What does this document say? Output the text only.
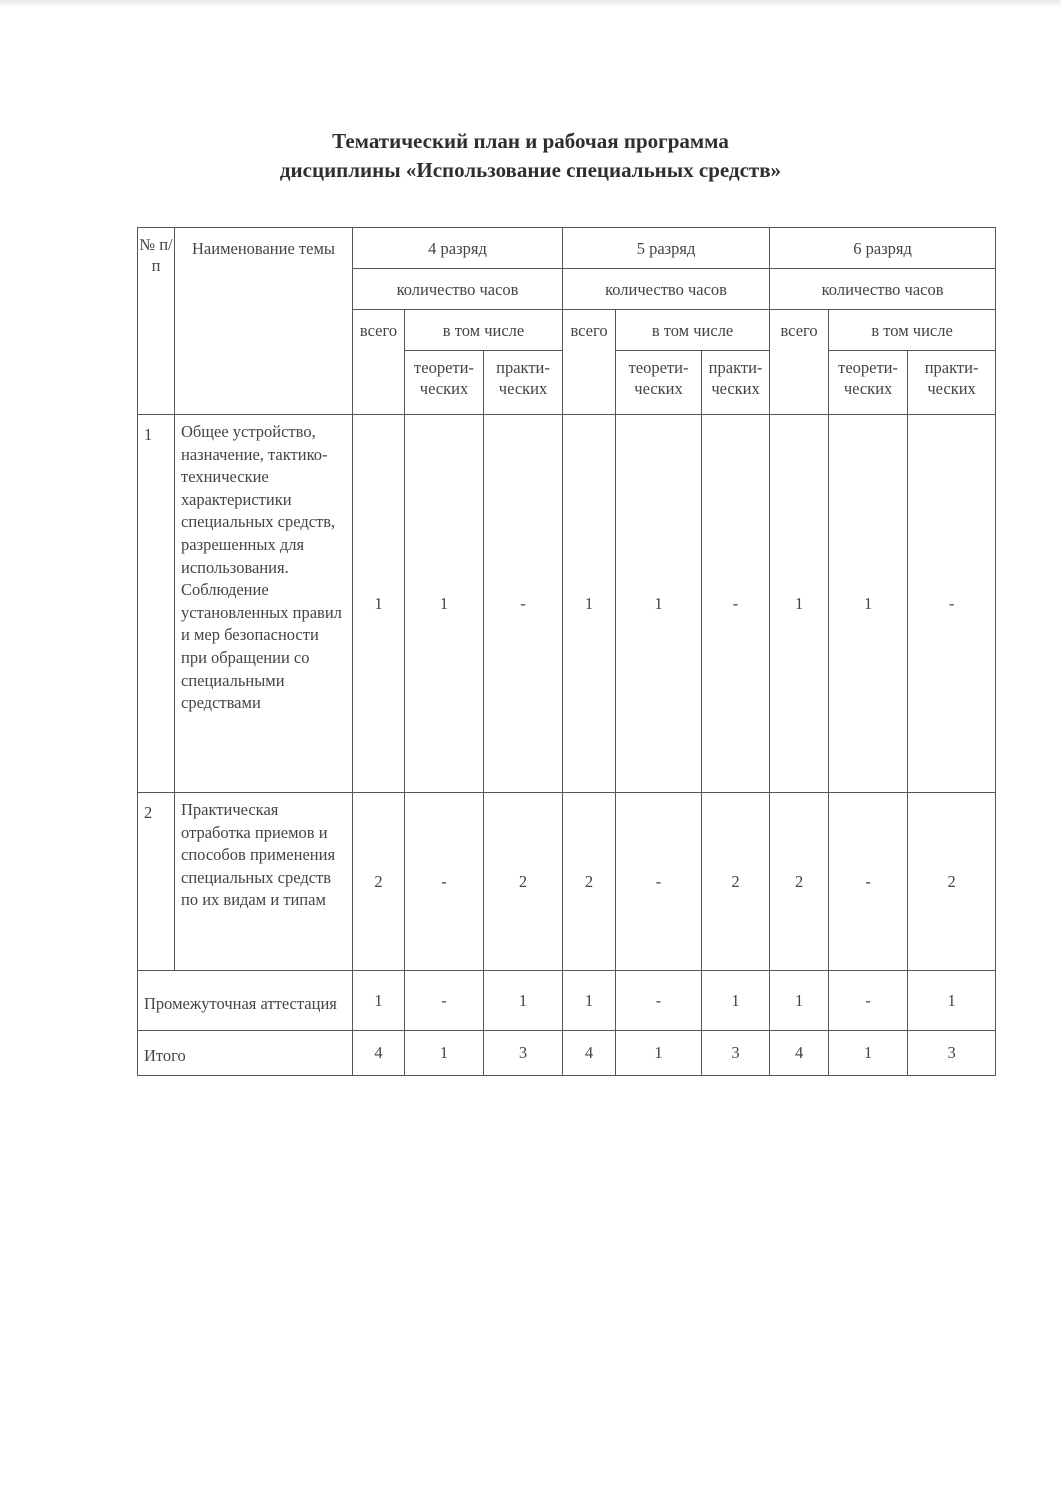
Тематический план и рабочая программа
дисциплины «Использование специальных средств»
№ п/п	Наименование темы	4 разряд			5 разряд			6 разряд		
		количество часов			количество часов			количество часов		
		всего	в том числе		всего	в том числе		всего	в том числе	
			теорети-ческих	практи-ческих		теорети-ческих	практи-ческих		теорети-ческих	практи-ческих
1	Общее устройство, назначение, тактико-технические характеристики специальных средств, разрешенных для использования. Соблюдение установленных правил и мер безопасности при обращении со специальными средствами	1	1	-	1	1	-	1	1	-
2	Практическая отработка приемов и способов применения специальных средств по их видам и типам	2	-	2	2	-	2	2	-	2
Промежуточная аттестация		1	-	1	1	-	1	1	-	1
Итого		4	1	3	4	1	3	4	1	3
